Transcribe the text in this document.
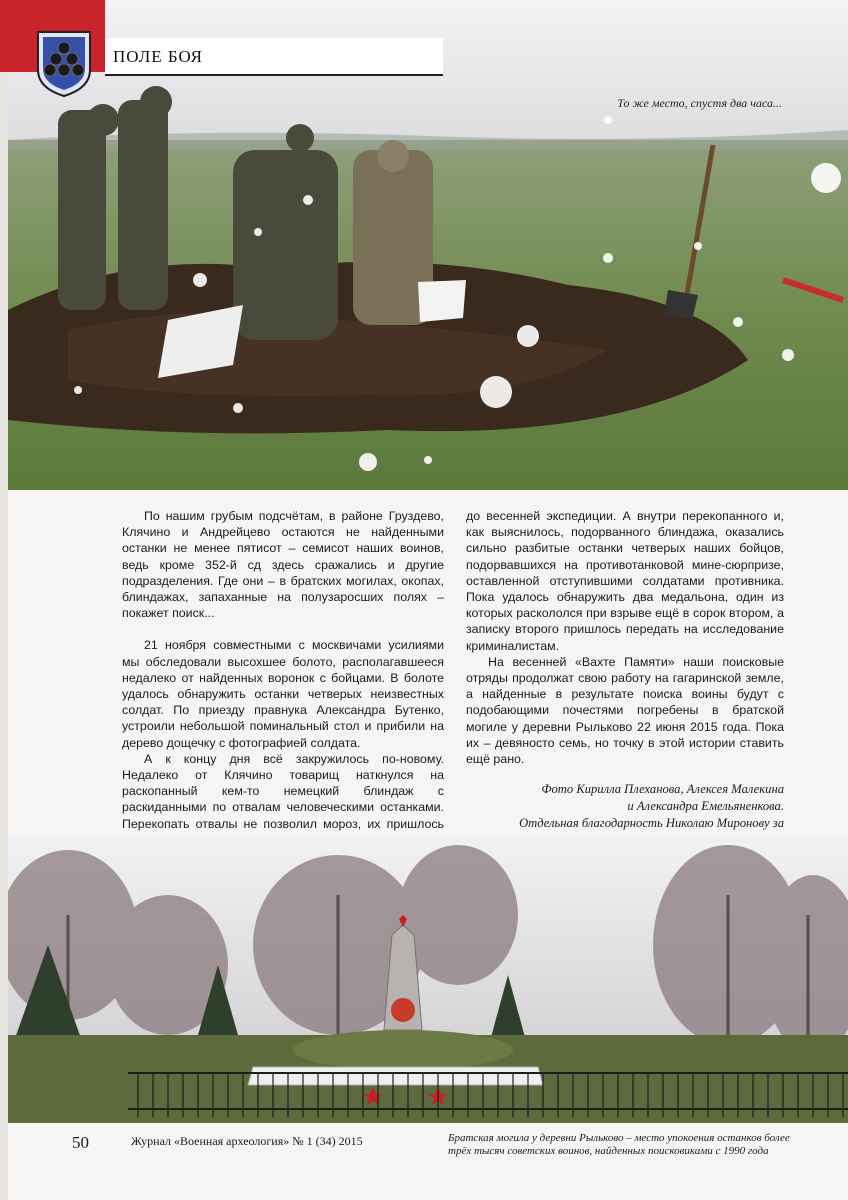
ПОЛЕ БОЯ
То же место, спустя два часа...

По нашим грубым подсчётам, в районе Груздево, Клячино и Андрейцево остаются не найденными останки не менее пятисот – семисот наших воинов, ведь кроме 352-й сд здесь сражались и другие подразделения. Где они – в братских могилах, окопах, блиндажах, запаханные на полузаросших полях – покажет поиск...

21 ноября совместными с москвичами усилиями мы обследовали высохшее болото, располагавшееся недалеко от найденных воронок с бойцами. В болоте удалось обнаружить останки четверых неизвестных солдат. По приезду правнука Александра Бутенко, устроили небольшой поминальный стол и прибили на дерево дощечку с фотографией солдата.

А к концу дня всё закружилось по-новому. Недалеко от Клячино товарищ наткнулся на раскопанный кем-то немецкий блиндаж с раскиданными по отвалам человеческими останками. Перекопать отвалы не позволил мороз, их пришлось

до весенней экспедиции. А внутри перекопанного и, как выяснилось, подорванного блиндажа, оказались сильно разбитые останки четверых наших бойцов, подорвавшихся на противотанковой мине-сюрпризе, оставленной отступившими солдатами противника. Пока удалось обнаружить два медальона, один из которых раскололся при взрыве ещё в сорок втором, а записку второго пришлось передать на исследование криминалистам.

На весенней «Вахте Памяти» наши поисковые отряды продолжат свою работу на гагаринской земле, а найденные в результате поиска воины будут с подобающими почестями погребены в братской могиле у деревни Рыльково 22 июня 2015 года. Пока их – девяносто семь, но точку в этой истории ставить ещё рано.

Фото Кирилла Плеханова, Алексея Малекина
и Александра Емельяненкова.
Отдельная благодарность Николаю Миронову за
50	Журнал «Военная археология» № 1 (34) 2015	Братская могила у деревни Рыльково – место упокоения останков более
трёх тысяч советских воинов, найденных поисковиками с 1990 года
